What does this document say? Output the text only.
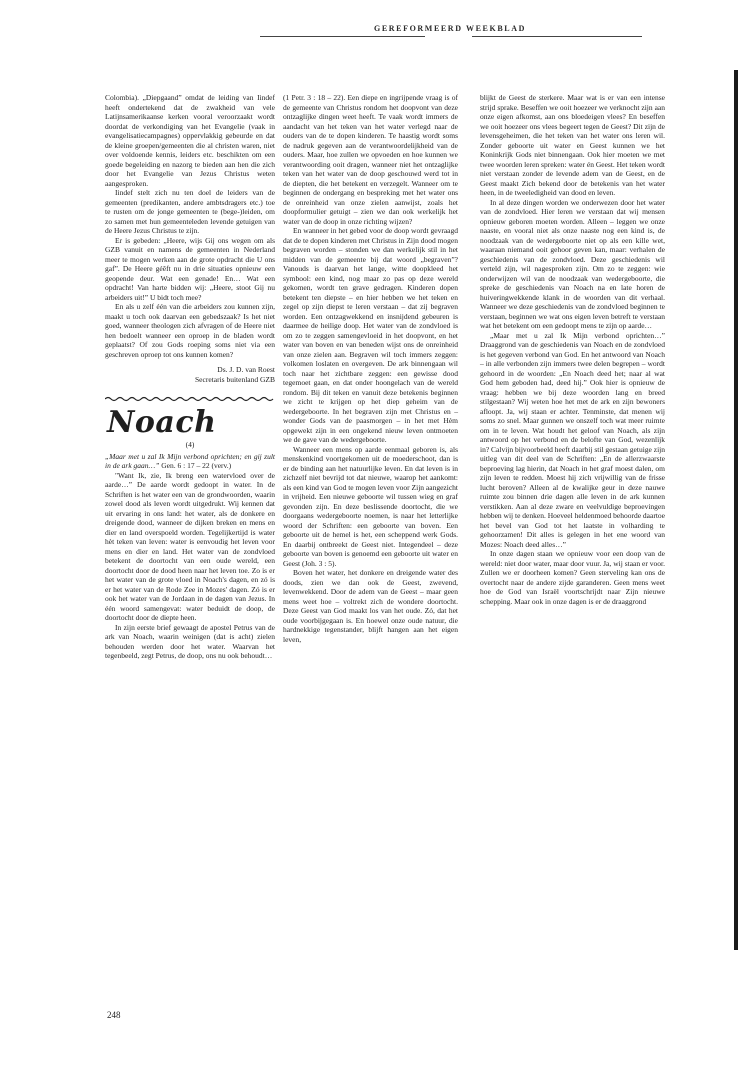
GEREFORMEERD WEEKBLAD

Colombia). „Diepgaand” omdat de leiding van Iindef heeft ondertekend dat de zwakheid van vele Latijnsamerikaanse kerken vooral veroorzaakt wordt doordat de verkondiging van het Evangelie (vaak in evangelisatiecampagnes) oppervlakkig gebeurde en dat de kleine groepen/gemeenten die al christen waren, niet over voldoende kennis, leiders etc. beschikten om een goede begeleiding en nazorg te bieden aan hen die zich door het Evangelie van Jezus Christus weten aangesproken.

Iindef stelt zich nu ten doel de leiders van de gemeenten (predikanten, andere ambtsdragers etc.) toe te rusten om de jonge gemeenten te (bege-)leiden, om zo samen met hun gemeenteleden levende getuigen van de Heere Jezus Christus te zijn.

Er is gebeden: „Heere, wijs Gij ons wegen om als GZB vanuit en namens de gemeenten in Nederland meer te mogen werken aan de grote opdracht die U ons gaf”. De Heere géêft nu in drie situaties opnieuw een geopende deur. Wat een genade! En… Wat een opdracht! Van harte bidden wij: „Heere, stoot Gij nu arbeiders uit!” U bidt toch mee?

En als u zelf één van die arbeiders zou kunnen zijn, maakt u toch ook daarvan een gebedszaak? Is het niet goed, wanneer theologen zich afvragen of de Heere niet hen bedoelt wanneer een oproep in de bladen wordt geplaatst? Of zou Gods roeping soms niet via een geschreven oproep tot ons kunnen komen?

Ds. J. D. van Roest
Secretaris buitenland GZB
Noach
(4)

„Maar met u zal Ik Mijn verbond oprichten; en gij zult in de ark gaan…” Gen. 6 : 17 – 22 (verv.)

"Want Ik, zie, Ik breng een watervloed over de aarde…” De aarde wordt gedoopt in water. In de Schriften is het water een van de grondwoorden, waarin zowel dood als leven wordt uitgedrukt. Wij kennen dat uit ervaring in ons land: het water, als de donkere en dreigende dood, wanneer de dijken breken en mens en dier en land overspoeld worden. Tegelijkertijd is water hèt teken van leven: water is eenvoudig het leven voor mens en dier en land. Het water van de zondvloed betekent de doortocht van een oude wereld, een doortocht door de dood heen naar het leven toe. Zo is er het water van de grote vloed in Noach's dagen, en zó is er het water van de Rode Zee in Mozes' dagen. Zó is er ook het water van de Jordaan in de dagen van Jezus. In één woord samengevat: water beduidt de doop, de doortocht door de diepte heen.

In zijn eerste brief gewaagt de apostel Petrus van de ark van Noach, waarin weinigen (dat is acht) zielen behouden werden door het water. Waarvan het tegenbeeld, zegt Petrus, de doop, ons nu ook behoudt…

(1 Petr. 3 : 18 – 22). Een diepe en ingrijpende vraag is of de gemeente van Christus rondom het doopvont van deze ontzaglijke dingen weet heeft. Te vaak wordt immers de aandacht van het teken van het water verlegd naar de ouders van de te dopen kinderen. Te haastig wordt soms de nadruk gegeven aan de verantwoordelijkheid van de ouders. Maar, hoe zullen we opvoeden en hoe kunnen we verantwoording ooit dragen, wanneer niet het ontzaglijke teken van het water van de doop geschouwd werd tot in de diepten, die het betekent en verzegelt. Wanneer om te beginnen de ondergang en bespreking met het water ons de onreinheid van onze zielen aanwijst, zoals het doopformulier getuigt – zien we dan ook werkelijk het water van de doop in onze richting wijzen?

En wanneer in het gebed voor de doop wordt gevraagd dat de te dopen kinderen met Christus in Zijn dood mogen begraven worden – stonden we dan werkelijk stil in het midden van de gemeente bij dat woord „begraven”? Vanouds is daarvan het lange, witte doopkleed het symbool: een kind, nog maar zo pas op deze wereld gekomen, wordt ten grave gedragen. Kinderen dopen betekent ten diepste – en hier hebben we het teken en zegel op zijn diepst te leren verstaan – dat zij begraven worden. Een ontzagwekkend en insnijdend gebeuren is daarmee de heilige doop. Het water van de zondvloed is om zo te zeggen samengevloeid in het doopvont, en het water van boven en van beneden wijst ons de onreinheid van onze zielen aan. Begraven wil toch immers zeggen: volkomen loslaten en overgeven. De ark binnengaan wil toch naar het zichtbare zeggen: een gewisse dood tegemoet gaan, en dat onder hoongelach van de wereld rondom. Bij dit teken en vanuit deze betekenis beginnen we zicht te krijgen op het diep geheim van de wedergeboorte. In het begraven zijn met Christus en – wonder Gods van de paasmorgen – in het met Hèm opgewekt zijn in een ongekend nieuw leven ontmoeten we de gave van de wedergeboorte.

Wanneer een mens op aarde eenmaal geboren is, als menskenkind voortgekomen uit de moederschoot, dan is er de binding aan het natuurlijke leven. En dat leven is in zichzelf niet bevrijd tot dat nieuwe, waarop het aankomt: als een kind van God te mogen leven voor Zijn aangezicht in vrijheid. Een nieuwe geboorte wil tussen wieg en graf gevonden zijn. En deze beslissende doortocht, die we doorgaans wedergeboorte noemen, is naar het letterlijke woord der Schriften: een geboorte van boven. Een geboorte uit de hemel is het, een scheppend werk Gods. En daarbij ontbreekt de Geest niet. Integendeel – deze geboorte van boven is genoemd een geboorte uit water en Geest (Joh. 3 : 5).

Boven het water, het donkere en dreigende water des doods, zien we dan ook de Geest, zwevend, levenwekkend. Door de adem van de Geest – maar geen mens weet hoe – voltrekt zich de wondere doortocht. Deze Geest van God maakt los van het oude. Zó, dat het oude voorbijgegaan is. En hoewel onze oude natuur, die hardnekkige tegenstander, blijft hangen aan het eigen leven,

blijkt de Geest de sterkere. Maar wat is er van een intense strijd sprake. Beseffen we ooit hoezeer we verknocht zijn aan onze eigen afkomst, aan ons bloedeigen vlees? En beseffen we ooit hoezeer ons vlees begeert tegen de Geest? Dit zijn de levensgeheimen, die het teken van het water ons leren wil. Zonder geboorte uit water en Geest kunnen we het Koninkrijk Gods niet binnengaan. Ook hier moeten we met twee woorden leren spreken: water én Geest. Het teken wordt niet verstaan zonder de levende adem van de Geest, en de Geest maakt Zich bekend door de betekenis van het water heen, in de tweeledigheid van dood en leven.

In al deze dingen worden we onderwezen door het water van de zondvloed. Hier leren we verstaan dat wij mensen opnieuw geboren moeten worden. Alleen – leggen we onze naaste, en vooral niet als onze naaste nog een kind is, de noodzaak van de wedergeboorte niet op als een kille wet, waaraan niemand ooit gehoor geven kan, maar: verhalen de geschiedenis van de zondvloed. Deze geschiedenis wil verteld zijn, wil nagesproken zijn. Om zo te zeggen: wie onderwijzen wil van de noodzaak van wedergeboorte, die spreke de geschiedenis van Noach na en late horen de huiveringwekkende klank in de woorden van dit verhaal. Wanneer we deze geschiedenis van de zondvloed beginnen te verstaan, beginnen we wat ons eigen leven betreft te verstaan wat het betekent om een gedoopt mens te zijn op aarde…

„Maar met u zal Ik Mijn verbond oprichten…” Draaggrond van de geschiedenis van Noach en de zondvloed is het gegeven verbond van God. En het antwoord van Noach – in alle verbonden zijn immers twee delen begrepen – wordt gehoord in de woorden: „En Noach deed het; naar al wat God hem geboden had, deed hij.” Ook hier is opnieuw de vraag: hebben we bij deze woorden lang en breed stilgestaan? Wij weten hoe het met de ark en zijn bewoners afloopt. Ja, wij staan er achter. Tenminste, dat menen wij soms zo snel. Maar gunnen we onszelf toch wat meer ruimte om in te leven. Wat houdt het geloof van Noach, als zijn antwoord op het verbond en de belofte van God, wezenlijk in? Calvijn bijvoorbeeld heeft daarbij stil gestaan getuige zijn uitleg van dit deel van de Schriften: „En de allerzwaarste beproeving lag hierin, dat Noach in het graf moest dalen, om zijn leven te redden. Moest hij zich vrijwillig van de frisse lucht beroven? Alleen al de kwalijke geur in deze nauwe ruimte zou binnen drie dagen alle leven in de ark kunnen verstikken. Aan al deze zware en veelvuldige beproevingen hebben wij te denken. Hoeveel heldenmoed behoorde daartoe het bevel van God tot het laatste in volharding te gehoorzamen! Dit alles is gelegen in het ene woord van Mozes: Noach deed alles…”

In onze dagen staan we opnieuw voor een doop van de wereld: niet door water, maar door vuur. Ja, wij staan er voor. Zullen we er doorheen komen? Geen sterveling kan ons de overtocht naar de andere zijde garanderen. Geen mens weet hoe de God van Israël voortschrijdt naar Zijn nieuwe schepping. Maar ook in onze dagen is er de draaggrond

248
